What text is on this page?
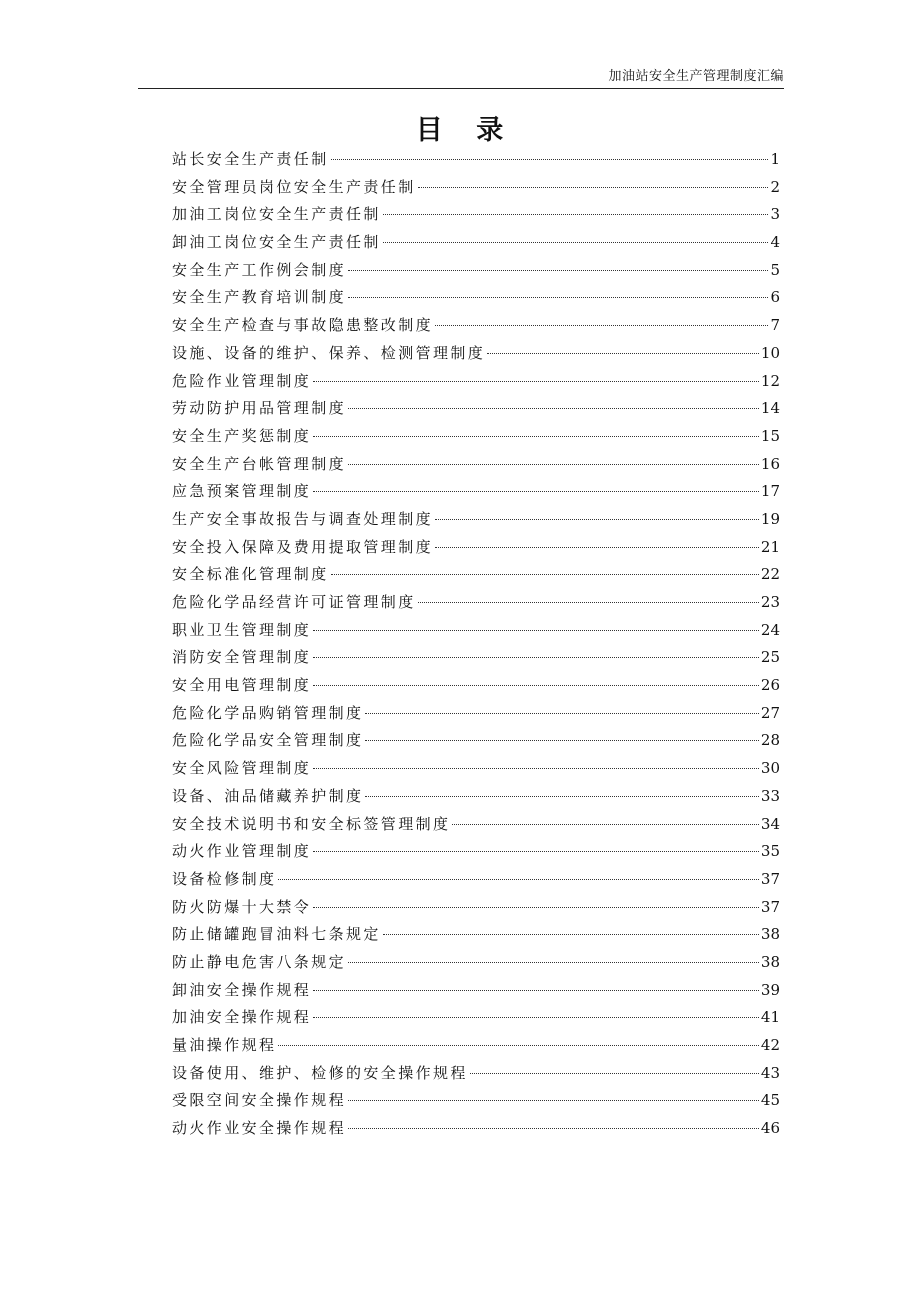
加油站安全生产管理制度汇编
目 录
站长安全生产责任制	1
安全管理员岗位安全生产责任制	2
加油工岗位安全生产责任制	3
卸油工岗位安全生产责任制	4
安全生产工作例会制度	5
安全生产教育培训制度	6
安全生产检查与事故隐患整改制度	7
设施、设备的维护、保养、检测管理制度	10
危险作业管理制度	12
劳动防护用品管理制度	14
安全生产奖惩制度	15
安全生产台帐管理制度	16
应急预案管理制度	17
生产安全事故报告与调查处理制度	19
安全投入保障及费用提取管理制度	21
安全标准化管理制度	22
危险化学品经营许可证管理制度	23
职业卫生管理制度	24
消防安全管理制度	25
安全用电管理制度	26
危险化学品购销管理制度	27
危险化学品安全管理制度	28
安全风险管理制度	30
设备、油品储藏养护制度	33
安全技术说明书和安全标签管理制度	34
动火作业管理制度	35
设备检修制度	37
防火防爆十大禁令	37
防止储罐跑冒油料七条规定	38
防止静电危害八条规定	38
卸油安全操作规程	39
加油安全操作规程	41
量油操作规程	42
设备使用、维护、检修的安全操作规程	43
受限空间安全操作规程	45
动火作业安全操作规程	46
